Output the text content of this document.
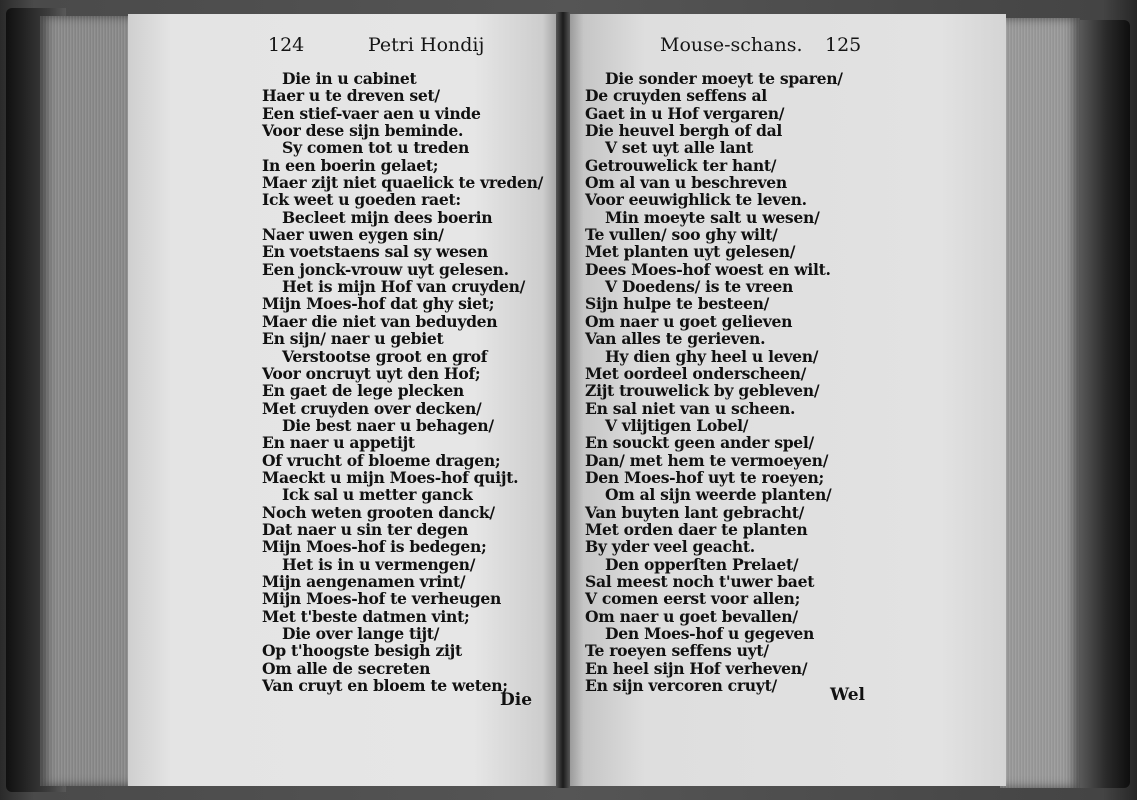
124	Petri Hondij	Mouse-schans. 125
Die in u cabinet
Haer u te dreven set/
Een stief-vaer aen u vinde
Voor dese sijn beminde.
Sy comen tot u treden
In een boerin gelaet;
Maer zijt niet quaelick te vreden/
Ick weet u goeden raet:
Becleet mijn dees boerin
Naer uwen eygen sin/
En voetstaens sal sy wesen
Een jonck-vrouw uyt gelesen.
Het is mijn Hof van cruyden/
Mijn Moes-hof dat ghy siet;
Maer die niet van beduyden
En sijn/ naer u gebiet
Verstootse groot en grof
Voor oncruyt uyt den Hof;
En gaet de lege plecken
Met cruyden over decken/
Die best naer u behagen/
En naer u appetijt
Of vrucht of bloeme dragen;
Maeckt u mijn Moes-hof quijt.
Ick sal u metter ganck
Noch weten grooten danck/
Dat naer u sin ter degen
Mijn Moes-hof is bedegen;
Het is in u vermengen/
Mijn aengenamen vrint/
Mijn Moes-hof te verheugen
Met t'beste datmen vint;
Die over lange tijt/
Op t'hoogste besigh zijt
Om alle de secreten
Van cruyt en bloem te weten;
Die sonder moeyt te sparen/
De cruyden seffens al
Gaet in u Hof vergaren/
Die heuvel bergh of dal
V set uyt alle lant
Getrouwelick ter hant/
Om al van u beschreven
Voor eeuwighlick te leven.
Min moeyte salt u wesen/
Te vullen/ soo ghy wilt/
Met planten uyt gelesen/
Dees Moes-hof woest en wilt.
V Doedens/ is te vreen
Sijn hulpe te besteen/
Om naer u goet gelieven
Van alles te gerieven.
Hy dien ghy heel u leven/
Met oordeel onderscheen/
Zijt trouwelick by gebleven/
En sal niet van u scheen.
V vlijtigen Lobel/
En souckt geen ander spel/
Dan/ met hem te vermoeyen/
Den Moes-hof uyt te roeyen;
Om al sijn weerde planten/
Van buyten lant gebracht/
Met orden daer te planten
By yder veel geacht.
Den opperſten Prelaet/
Sal meest noch t'uwer baet
V comen eerst voor allen;
Om naer u goet bevallen/
Den Moes-hof u gegeven
Te roeyen seffens uyt/
En heel sijn Hof verheven/
En sijn vercoren cruyt/
Die	Wel
